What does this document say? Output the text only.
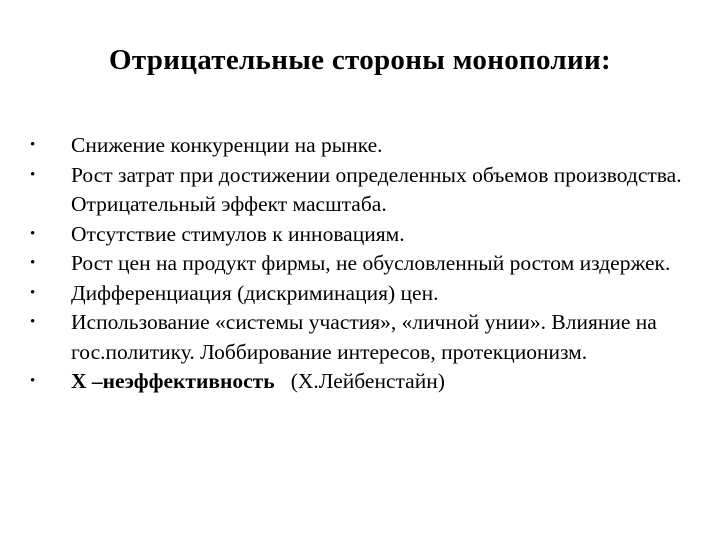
Отрицательные стороны монополии:
•	Снижение конкуренции на рынке.
•	Рост затрат при достижении определенных объемов производства. Отрицательный эффект масштаба.
•	Отсутствие стимулов к инновациям.
•	Рост цен на продукт фирмы, не обусловленный ростом издержек.
•	Дифференциация (дискриминация) цен.
•	Использование «системы участия», «личной унии». Влияние на гос.политику. Лоббирование интересов, протекционизм.
•	Х –неэффективность (Х.Лейбенстайн)
